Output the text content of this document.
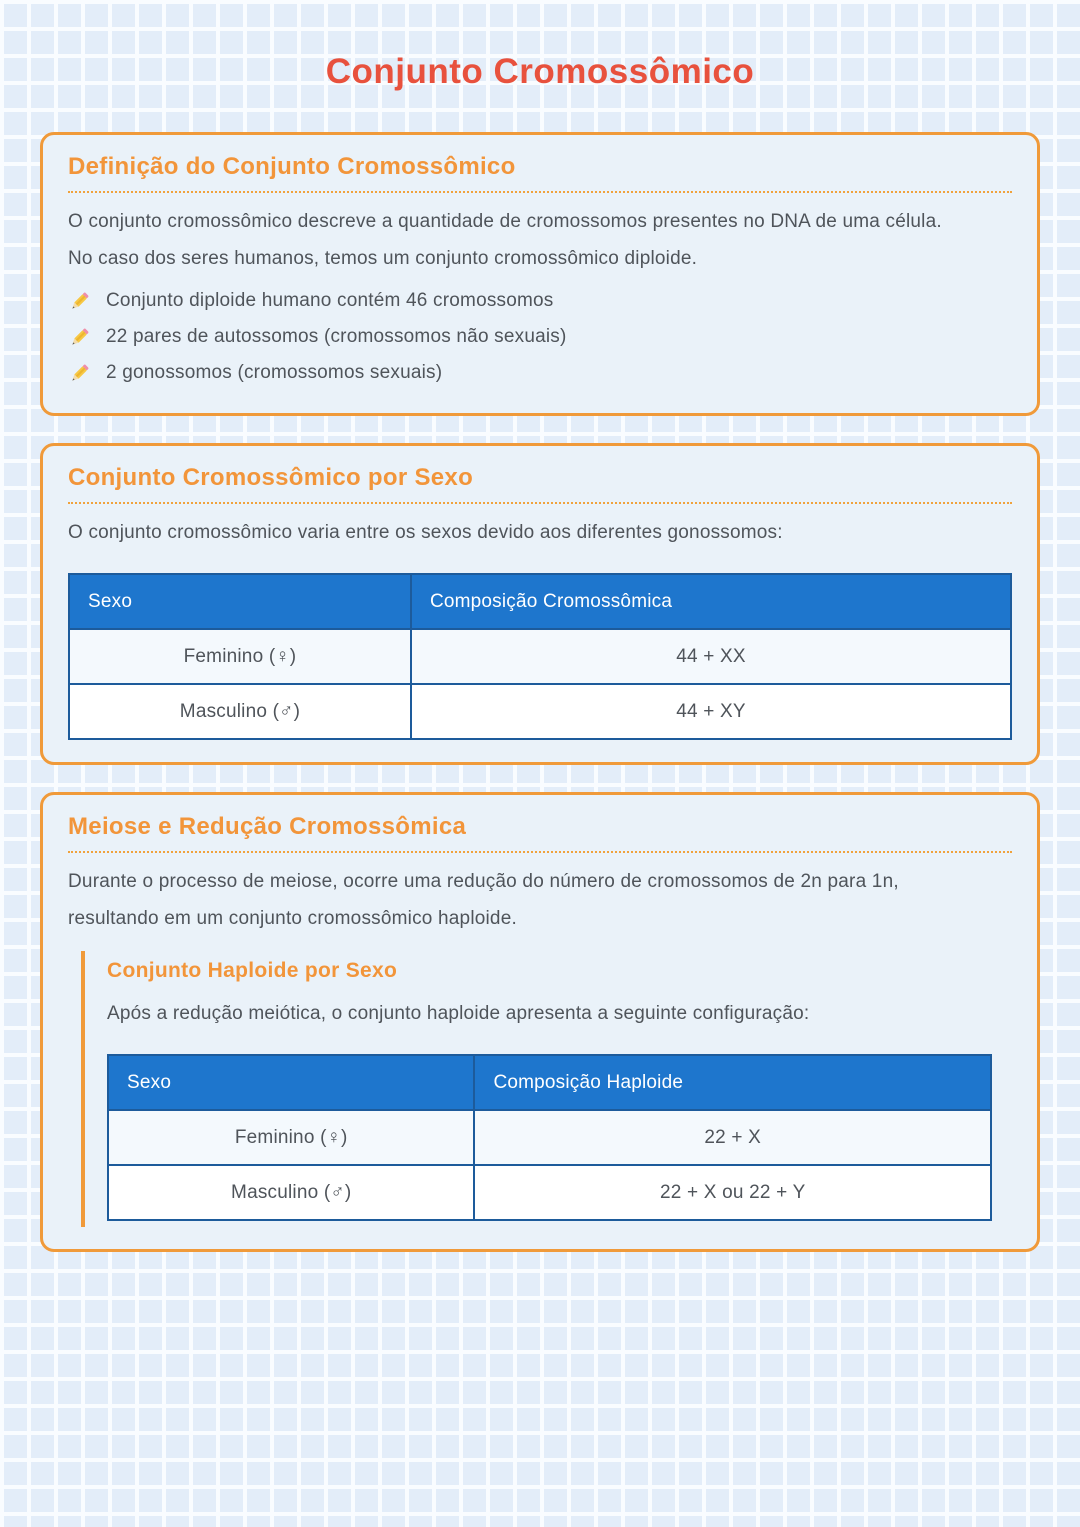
Conjunto Cromossômico
Definição do Conjunto Cromossômico

O conjunto cromossômico descreve a quantidade de cromossomos presentes no DNA de uma célula.

No caso dos seres humanos, temos um conjunto cromossômico diploide.

Conjunto diploide humano contém 46 cromossomos
22 pares de autossomos (cromossomos não sexuais)
2 gonossomos (cromossomos sexuais)
Conjunto Cromossômico por Sexo

O conjunto cromossômico varia entre os sexos devido aos diferentes gonossomos:

Sexo	Composição Cromossômica
Feminino (♀)	44 + XX
Masculino (♂)	44 + XY
Meiose e Redução Cromossômica

Durante o processo de meiose, ocorre uma redução do número de cromossomos de 2n para 1n,

resultando em um conjunto cromossômico haploide.

Conjunto Haploide por Sexo

Após a redução meiótica, o conjunto haploide apresenta a seguinte configuração:

Sexo	Composição Haploide
Feminino (♀)	22 + X
Masculino (♂)	22 + X ou 22 + Y
